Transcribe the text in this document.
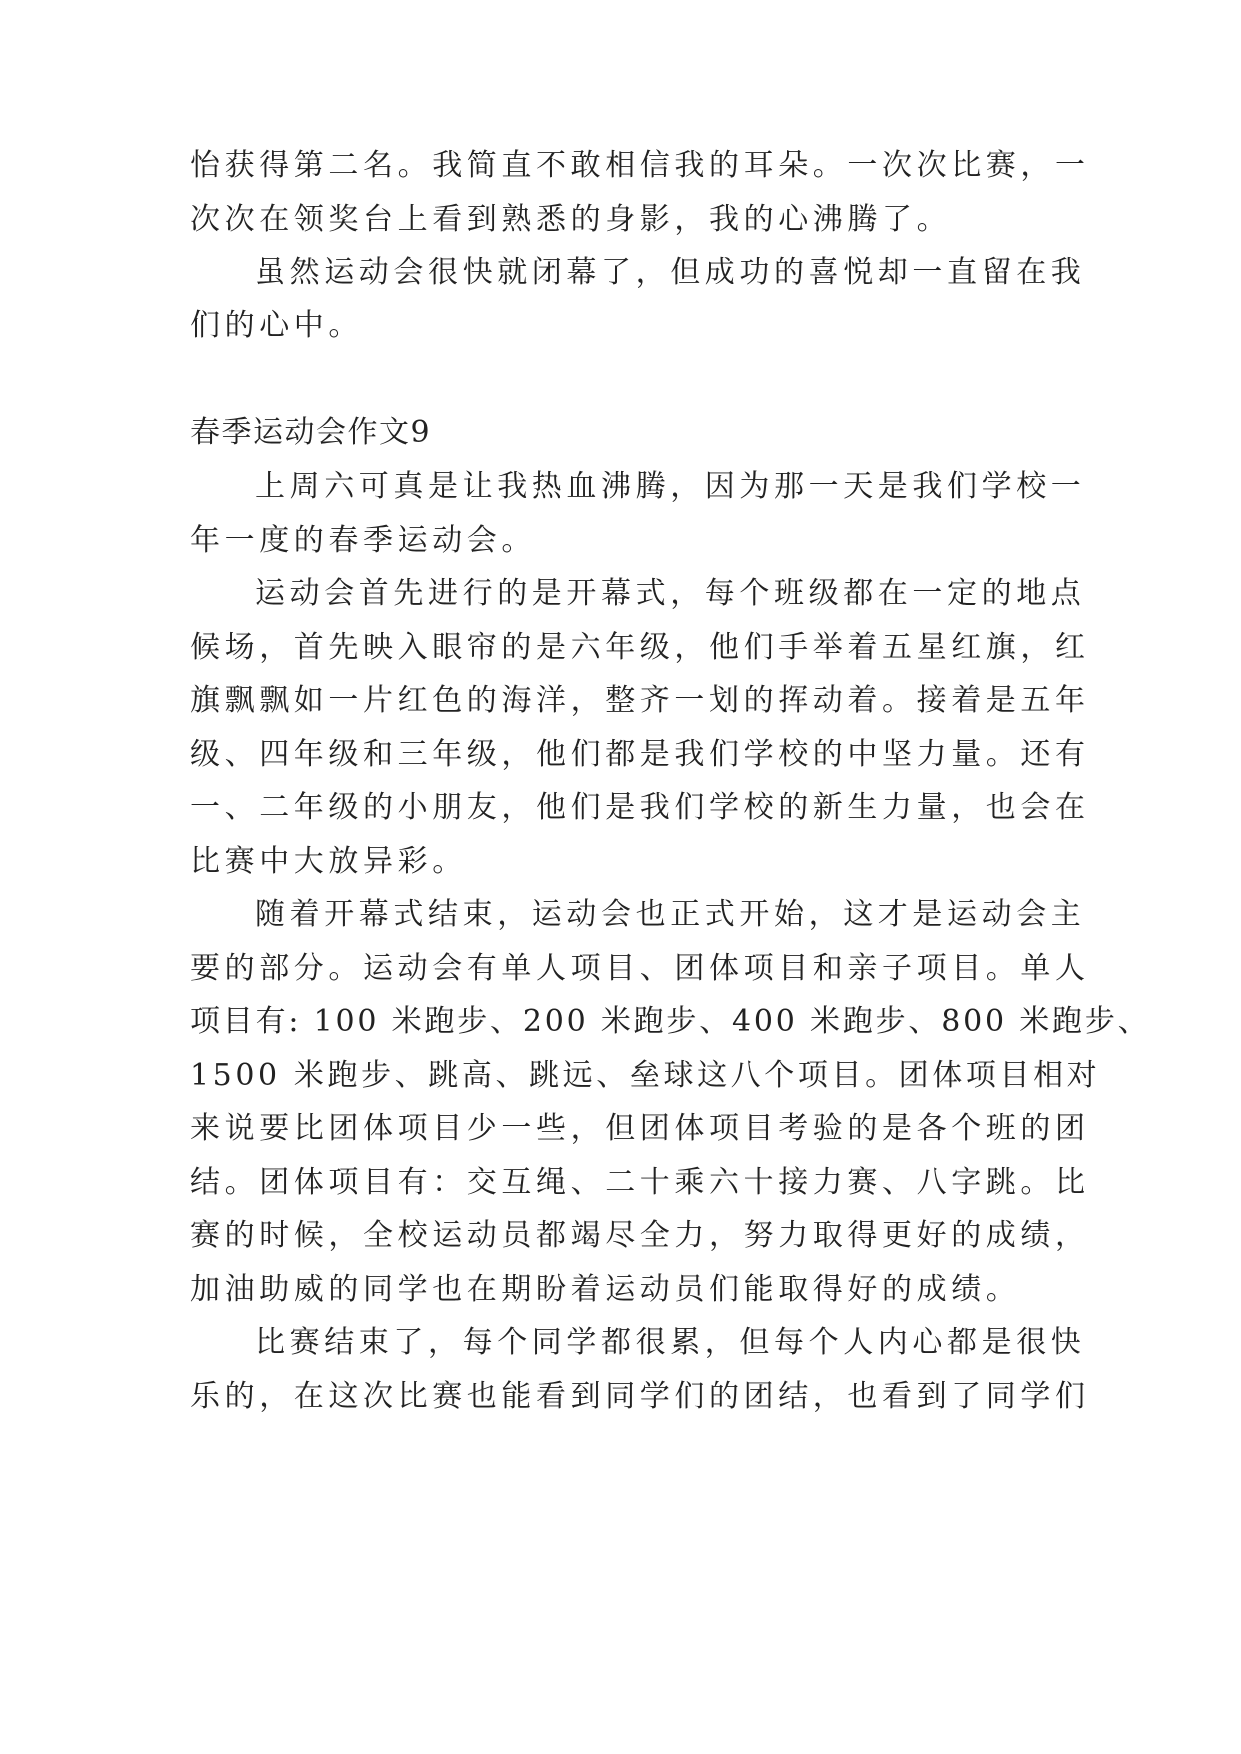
怡获得第二名。我简直不敢相信我的耳朵。一次次比赛，一
次次在领奖台上看到熟悉的身影，我的心沸腾了。
虽然运动会很快就闭幕了，但成功的喜悦却一直留在我
们的心中。
春季运动会作文9
上周六可真是让我热血沸腾，因为那一天是我们学校一
年一度的春季运动会。
运动会首先进行的是开幕式，每个班级都在一定的地点
候场，首先映入眼帘的是六年级，他们手举着五星红旗，红
旗飘飘如一片红色的海洋，整齐一划的挥动着。接着是五年
级、四年级和三年级，他们都是我们学校的中坚力量。还有
一、二年级的小朋友，他们是我们学校的新生力量，也会在
比赛中大放异彩。
随着开幕式结束，运动会也正式开始，这才是运动会主
要的部分。运动会有单人项目、团体项目和亲子项目。单人
项目有: 100 米跑步、200 米跑步、400 米跑步、800 米跑步、
1500 米跑步、跳高、跳远、垒球这八个项目。团体项目相对
来说要比团体项目少一些，但团体项目考验的是各个班的团
结。团体项目有：交互绳、二十乘六十接力赛、八字跳。比
赛的时候，全校运动员都竭尽全力，努力取得更好的成绩，
加油助威的同学也在期盼着运动员们能取得好的成绩。
比赛结束了，每个同学都很累，但每个人内心都是很快
乐的，在这次比赛也能看到同学们的团结，也看到了同学们
